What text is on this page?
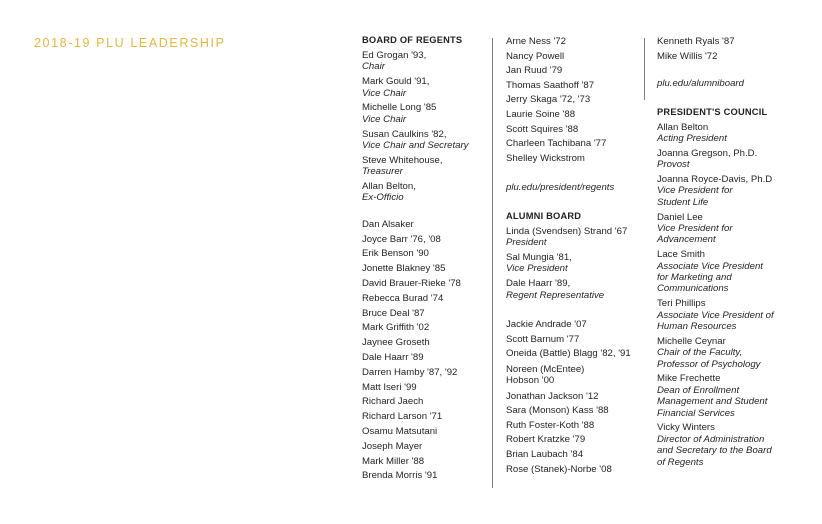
2018-19 PLU LEADERSHIP	BOARD OF REGENTS
Ed Grogan '93,
Chair
Mark Gould '91,
Vice Chair
Michelle Long '85
Vice Chair
Susan Caulkins '82,
Vice Chair and Secretary
Steve Whitehouse,
Treasurer
Allan Belton,
Ex-Officio
Dan Alsaker
Joyce Barr '76, '08
Erik Benson '90
Jonette Blakney '85
David Brauer-Rieke '78
Rebecca Burad '74
Bruce Deal '87
Mark Griffith '02
Jaynee Groseth
Dale Haarr '89
Darren Hamby '87, '92
Matt Iseri '99
Richard Jaech
Richard Larson '71
Osamu Matsutani
Joseph Mayer
Mark Miller '88
Brenda Morris '91
Arne Ness '72
Nancy Powell
Jan Ruud '79
Thomas Saathoff '87
Jerry Skaga '72, '73
Laurie Soine '88
Scott Squires '88
Charleen Tachibana '77
Shelley Wickstrom
plu.edu/president/regents
ALUMNI BOARD
Linda (Svendsen) Strand '67
President
Sal Mungia '81,
Vice President
Dale Haarr '89,
Regent Representative
Jackie Andrade '07
Scott Barnum '77
Oneida (Battle) Blagg '82, '91
Noreen (McEntee)
Hobson '00
Jonathan Jackson '12
Sara (Monson) Kass '88
Ruth Foster-Koth '88
Robert Kratzke '79
Brian Laubach '84
Rose (Stanek)-Norbe '08
Kenneth Ryals '87
Mike Willis '72
plu.edu/alumniboard
PRESIDENT'S COUNCIL
Allan Belton
Acting President
Joanna Gregson, Ph.D.
Provost
Joanna Royce-Davis, Ph.D
Vice President for
Student Life
Daniel Lee
Vice President for
Advancement
Lace Smith
Associate Vice President
for Marketing and
Communications
Teri Phillips
Associate Vice President of
Human Resources
Michelle Ceynar
Chair of the Faculty,
Professor of Psychology
Mike Frechette
Dean of Enrollment
Management and Student
Financial Services
Vicky Winters
Director of Administration
and Secretary to the Board
of Regents
